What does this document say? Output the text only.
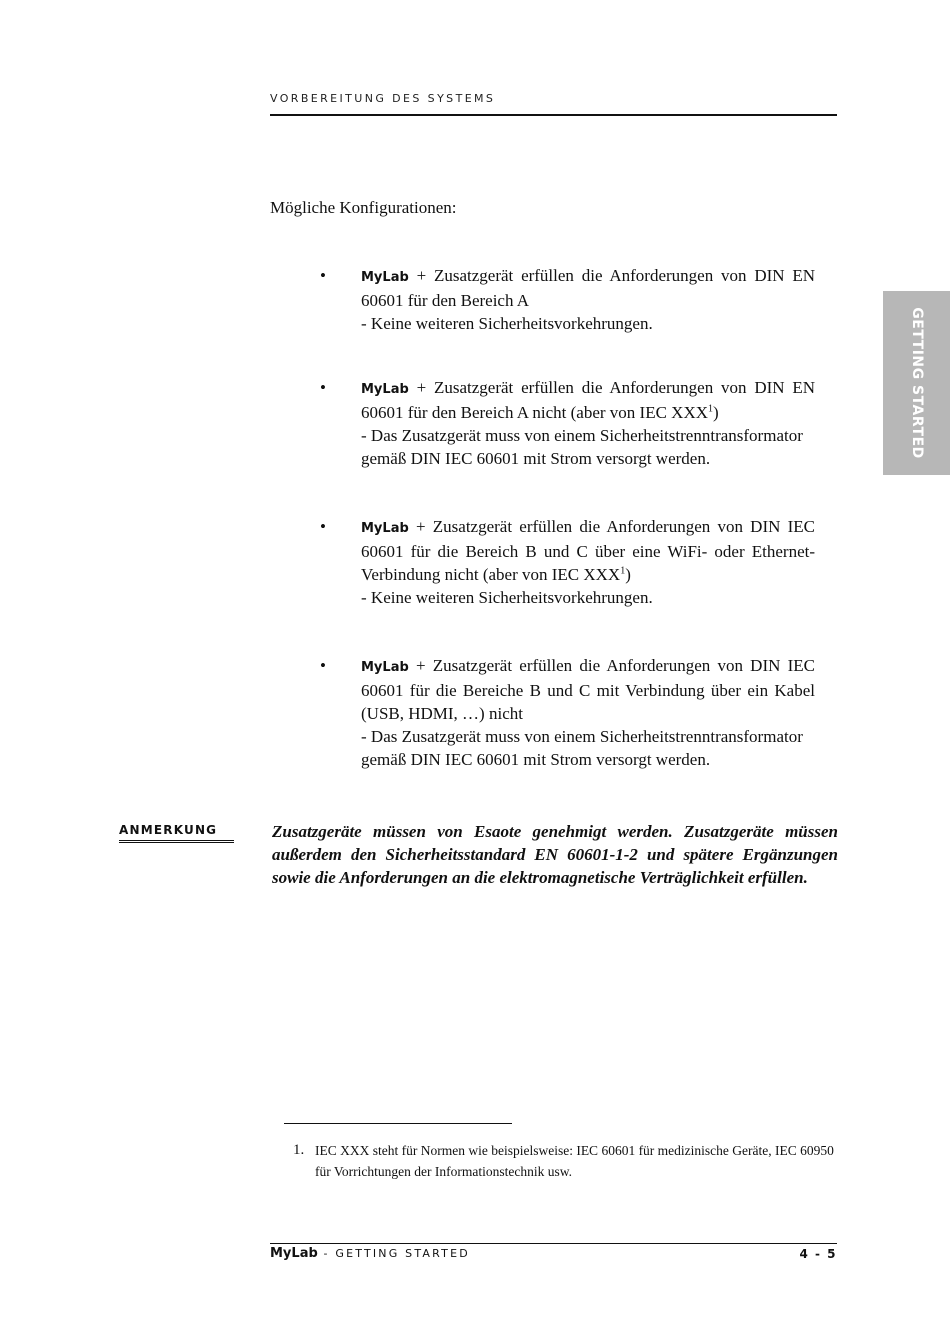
VORBEREITUNG DES SYSTEMS
GETTING STARTED
Mögliche Konfigurationen:
•	MyLab + Zusatzgerät erfüllen die Anforderungen von DIN EN 60601 für den Bereich A
- Keine weiteren Sicherheitsvorkehrungen.
•	MyLab + Zusatzgerät erfüllen die Anforderungen von DIN EN 60601 für den Bereich A nicht (aber von IEC XXX$^1$)
- Das Zusatzgerät muss von einem Sicherheitstrenntransformator gemäß DIN IEC 60601 mit Strom versorgt werden.
•	MyLab + Zusatzgerät erfüllen die Anforderungen von DIN IEC 60601 für die Bereich B und C über eine WiFi- oder Ethernet-Verbindung nicht (aber von IEC XXX$^1$)
- Keine weiteren Sicherheitsvorkehrungen.
•	MyLab + Zusatzgerät erfüllen die Anforderungen von DIN IEC 60601 für die Bereiche B und C mit Verbindung über ein Kabel (USB, HDMI, …) nicht
- Das Zusatzgerät muss von einem Sicherheitstrenntransformator gemäß DIN IEC 60601 mit Strom versorgt werden.
ANMERKUNG	Zusatzgeräte müssen von Esaote genehmigt werden. Zusatzgeräte müssen außerdem den Sicherheitsstandard EN 60601-1-2 und spätere Ergänzungen sowie die Anforderungen an die elektromagnetische Verträglichkeit erfüllen.
1. IEC XXX steht für Normen wie beispielsweise: IEC 60601 für medizinische Geräte, IEC 60950 für Vorrichtungen der Informationstechnik usw.
MyLab - GETTING STARTED	4 - 5
